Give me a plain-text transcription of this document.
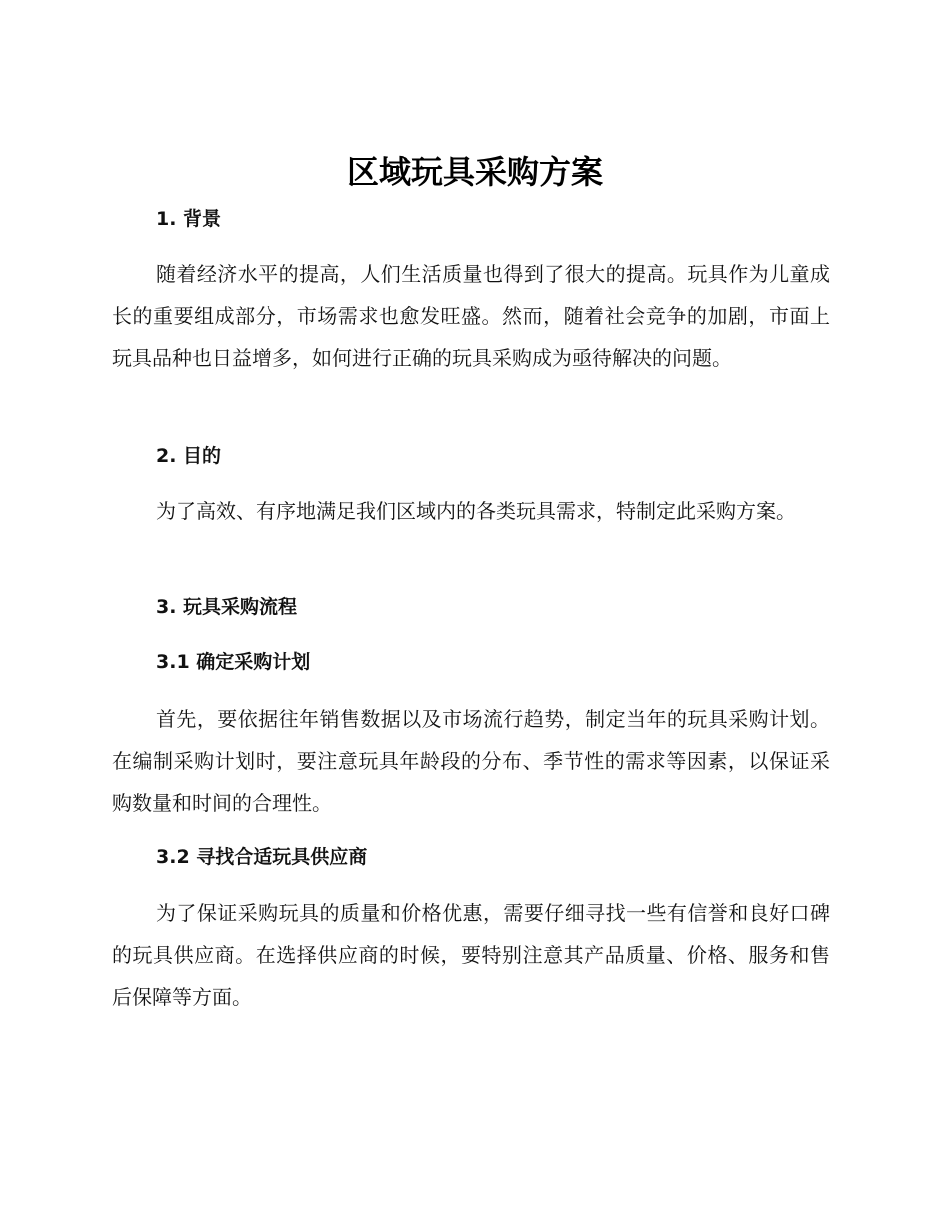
区域玩具采购方案
1. 背景

随着经济水平的提高，人们生活质量也得到了很大的提高。玩具作为儿童成长的重要组成部分，市场需求也愈发旺盛。然而，随着社会竞争的加剧，市面上玩具品种也日益增多，如何进行正确的玩具采购成为亟待解决的问题。

2. 目的

为了高效、有序地满足我们区域内的各类玩具需求，特制定此采购方案。

3. 玩具采购流程
3.1 确定采购计划

首先，要依据往年销售数据以及市场流行趋势，制定当年的玩具采购计划。在编制采购计划时，要注意玩具年龄段的分布、季节性的需求等因素，以保证采购数量和时间的合理性。

3.2 寻找合适玩具供应商

为了保证采购玩具的质量和价格优惠，需要仔细寻找一些有信誉和良好口碑的玩具供应商。在选择供应商的时候，要特别注意其产品质量、价格、服务和售后保障等方面。
